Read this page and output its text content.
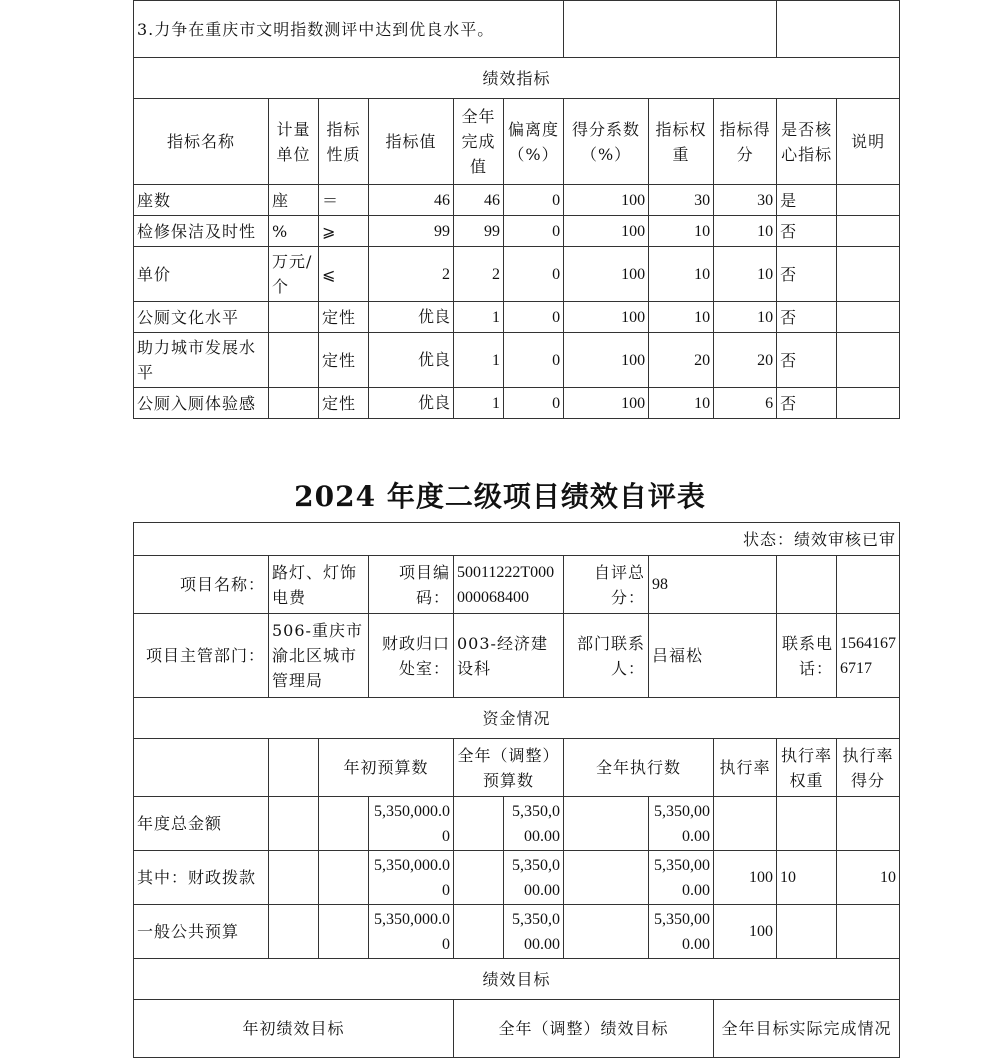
3.力争在重庆市文明指数测评中达到优良水平。										
绩效指标										
指标名称	计量单位	指标性质	指标值	全年完成值	偏离度（%）	得分系数（%）	指标权重	指标得分	是否核心指标	说明
座数	座	＝	46	46	0	100	30	30	是	
检修保洁及时性	%	⩾	99	99	0	100	10	10	否	
单价	万元/个	⩽	2	2	0	100	10	10	否	
公厕文化水平		定性	优良	1	0	100	10	10	否	
助力城市发展水平		定性	优良	1	0	100	20	20	否	
公厕入厕体验感		定性	优良	1	0	100	10	6	否	
2024 年度二级项目绩效自评表
状态：绩效审核已审										
项目名称：	路灯、灯饰电费		项目编码：	50011222T000000068400		自评总分：	98			
项目主管部门：	506-重庆市渝北区城市管理局		财政归口处室：	003-经济建设科		部门联系人：	吕福松		联系电话：	15641676717
资金情况										
		年初预算数		全年（调整）预算数		全年执行数		执行率	执行率权重	执行率得分
年度总金额			5,350,000.00		5,350,000.00		5,350,000.00			
其中：财政拨款			5,350,000.00		5,350,000.00		5,350,000.00	100	10	10
一般公共预算			5,350,000.00		5,350,000.00		5,350,000.00	100		
绩效目标										
年初绩效目标				全年（调整）绩效目标				全年目标实际完成情况		
